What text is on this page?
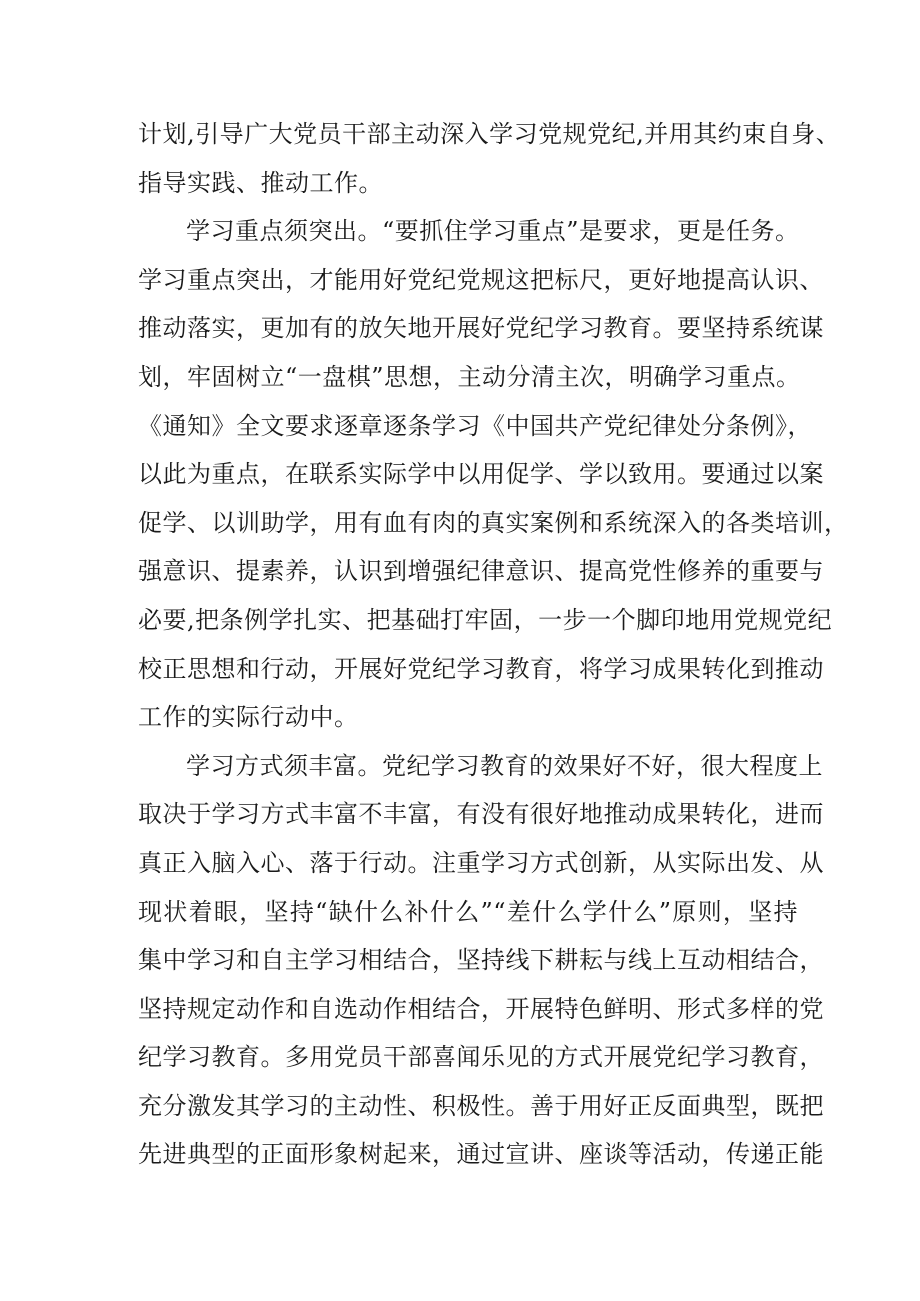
计划,引导广大党员干部主动深入学习党规党纪,并用其约束自身、
指导实践、推动工作。
学习重点须突出。“要抓住学习重点”是要求，更是任务。
学习重点突出，才能用好党纪党规这把标尺，更好地提高认识、
推动落实，更加有的放矢地开展好党纪学习教育。要坚持系统谋
划，牢固树立“一盘棋”思想，主动分清主次，明确学习重点。
《通知》全文要求逐章逐条学习《中国共产党纪律处分条例》，
以此为重点，在联系实际学中以用促学、学以致用。要通过以案
促学、以训助学，用有血有肉的真实案例和系统深入的各类培训，
强意识、提素养，认识到增强纪律意识、提高党性修养的重要与
必要,把条例学扎实、把基础打牢固，一步一个脚印地用党规党纪
校正思想和行动，开展好党纪学习教育，将学习成果转化到推动
工作的实际行动中。
学习方式须丰富。党纪学习教育的效果好不好，很大程度上
取决于学习方式丰富不丰富，有没有很好地推动成果转化，进而
真正入脑入心、落于行动。注重学习方式创新，从实际出发、从
现状着眼，坚持“缺什么补什么”“差什么学什么”原则，坚持
集中学习和自主学习相结合，坚持线下耕耘与线上互动相结合，
坚持规定动作和自选动作相结合，开展特色鲜明、形式多样的党
纪学习教育。多用党员干部喜闻乐见的方式开展党纪学习教育，
充分激发其学习的主动性、积极性。善于用好正反面典型，既把
先进典型的正面形象树起来，通过宣讲、座谈等活动，传递正能
